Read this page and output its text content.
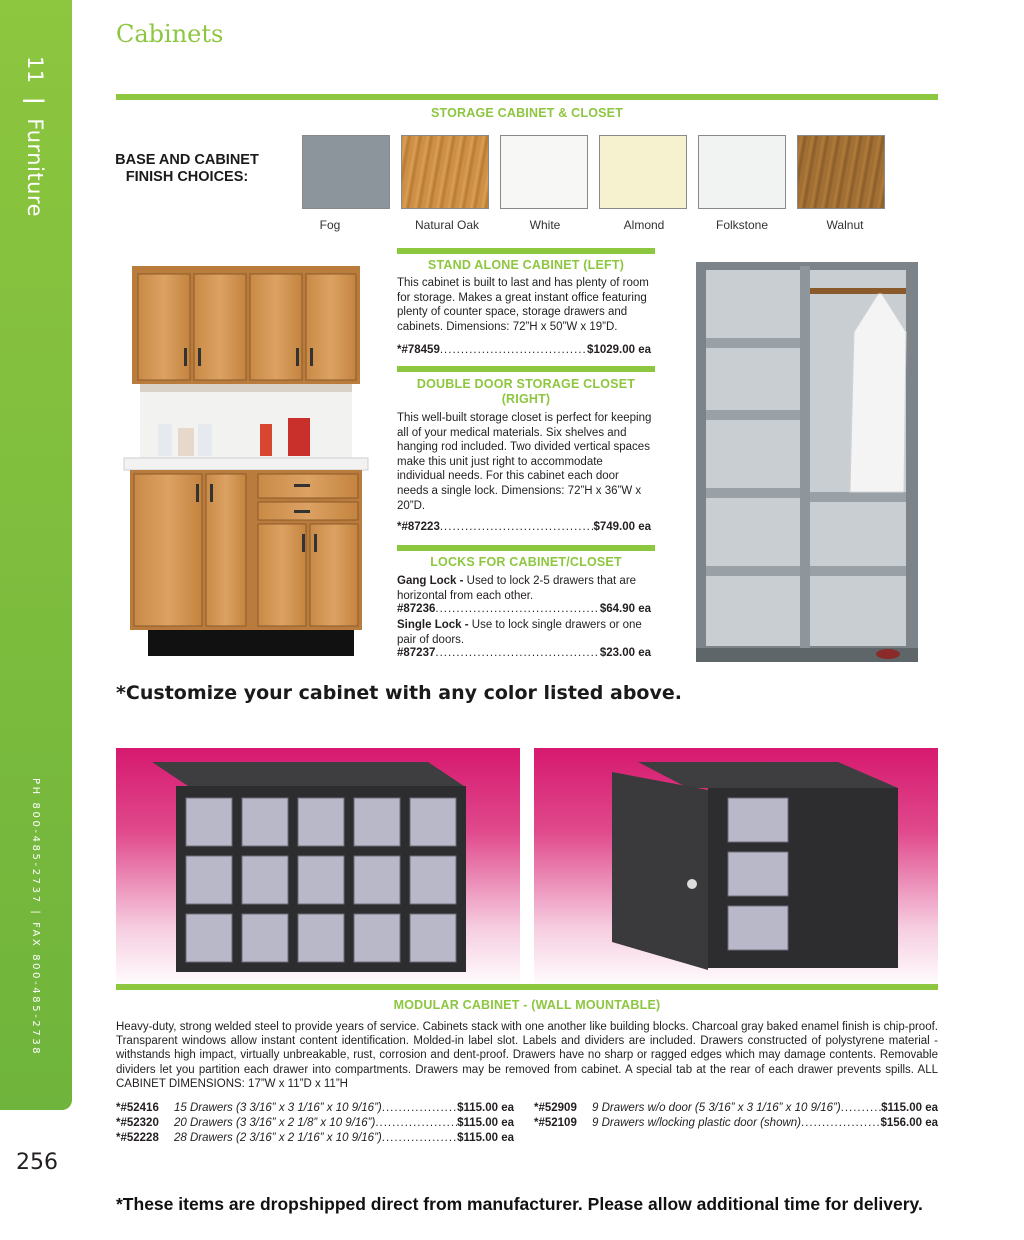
11 | Furniture
PH 800-485-2737 | FAX 800-485-2738
256
Cabinets
STORAGE CABINET & CLOSET
BASE AND CABINET FINISH CHOICES:
Fog	Natural Oak	White	Almond	Folkstone	Walnut
STAND ALONE CABINET (LEFT)
This cabinet is built to last and has plenty of room for storage. Makes a great instant office featuring plenty of counter space, storage drawers and cabinets. Dimensions: 72”H x 50”W x 19”D.
*#78459 .....	$1029.00 ea
DOUBLE DOOR STORAGE CLOSET
(RIGHT)
This well-built storage closet is perfect for keeping all of your medical materials. Six shelves and hanging rod included. Two divided vertical spaces make this unit just right to accommodate individual needs. For this cabinet each door needs a single lock. Dimensions: 72”H x 36”W x 20”D.
*#87223 .....	$749.00 ea
LOCKS FOR CABINET/CLOSET
Gang Lock - Used to lock 2-5 drawers that are horizontal from each other.
#87236 .....	$64.90 ea
Single Lock - Use to lock single drawers or one pair of doors.
#87237 .....	$23.00 ea
*Customize your cabinet with any color listed above.
MODULAR CABINET - (WALL MOUNTABLE)
Heavy-duty, strong welded steel to provide years of service. Cabinets stack with one another like building blocks. Charcoal gray baked enamel finish is chip-proof. Transparent windows allow instant content identification. Molded-in label slot. Labels and dividers are included. Drawers constructed of polystyrene material - withstands high impact, virtually unbreakable, rust, corrosion and dent-proof. Drawers have no sharp or ragged edges which may damage contents. Removable dividers let you partition each drawer into compartments. Drawers may be removed from cabinet. A special tab at the rear of each drawer prevents spills. ALL CABINET DIMENSIONS: 17”W x 11”D x 11”H
*#52416	15 Drawers (3 3/16” x 3 1/16” x 10 9/16”) .....	$115.00 ea
*#52320	20 Drawers (3 3/16” x 2 1/8” x 10 9/16”) .....	$115.00 ea
*#52228	28 Drawers (2 3/16” x 2 1/16” x 10 9/16”) .....	$115.00 ea
*#52909	9 Drawers w/o door (5 3/16” x 3 1/16” x 10 9/16”) .....	$115.00 ea
*#52109	9 Drawers w/locking plastic door (shown) .....	$156.00 ea
*These items are dropshipped direct from manufacturer. Please allow additional time for delivery.
